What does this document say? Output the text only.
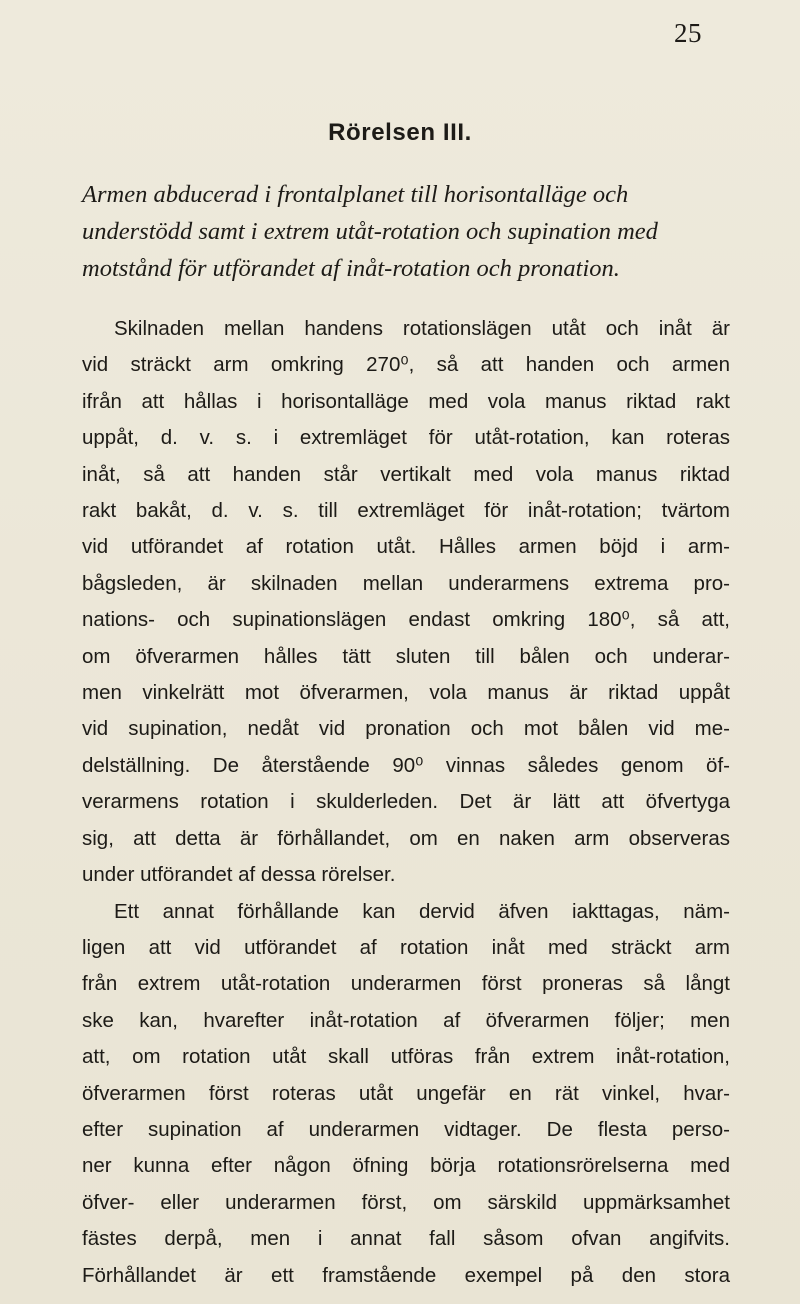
25
Rörelsen III.

Armen abducerad i frontalplanet till horisontalläge och understödd samt i extrem utåt-rotation och supination med motstånd för utförandet af inåt-rotation och pronation.

Skilnaden mellan handens rotationslägen utåt och inåt är
vid sträckt arm omkring 270⁰, så att handen och armen
ifrån att hållas i horisontalläge med vola manus riktad rakt
uppåt, d. v. s. i extremläget för utåt-rotation, kan roteras
inåt, så att handen står vertikalt med vola manus riktad
rakt bakåt, d. v. s. till extremläget för inåt-rotation; tvärtom
vid utförandet af rotation utåt. Hålles armen böjd i arm-
bågsleden, är skilnaden mellan underarmens extrema pro-
nations- och supinationslägen endast omkring 180⁰, så att,
om öfverarmen hålles tätt sluten till bålen och underar-
men vinkelrätt mot öfverarmen, vola manus är riktad uppåt
vid supination, nedåt vid pronation och mot bålen vid me-
delställning. De återstående 90⁰ vinnas således genom öf-
verarmens rotation i skulderleden. Det är lätt att öfvertyga
sig, att detta är förhållandet, om en naken arm observeras
under utförandet af dessa rörelser.

Ett annat förhållande kan dervid äfven iakttagas, näm-
ligen att vid utförandet af rotation inåt med sträckt arm
från extrem utåt-rotation underarmen först proneras så långt
ske kan, hvarefter inåt-rotation af öfverarmen följer; men
att, om rotation utåt skall utföras från extrem inåt-rotation,
öfverarmen först roteras utåt ungefär en rät vinkel, hvar-
efter supination af underarmen vidtager. De flesta perso-
ner kunna efter någon öfning börja rotationsrörelserna med
öfver- eller underarmen först, om särskild uppmärksamhet
fästes derpå, men i annat fall såsom ofvan angifvits.
Förhållandet är ett framstående exempel på den stora
